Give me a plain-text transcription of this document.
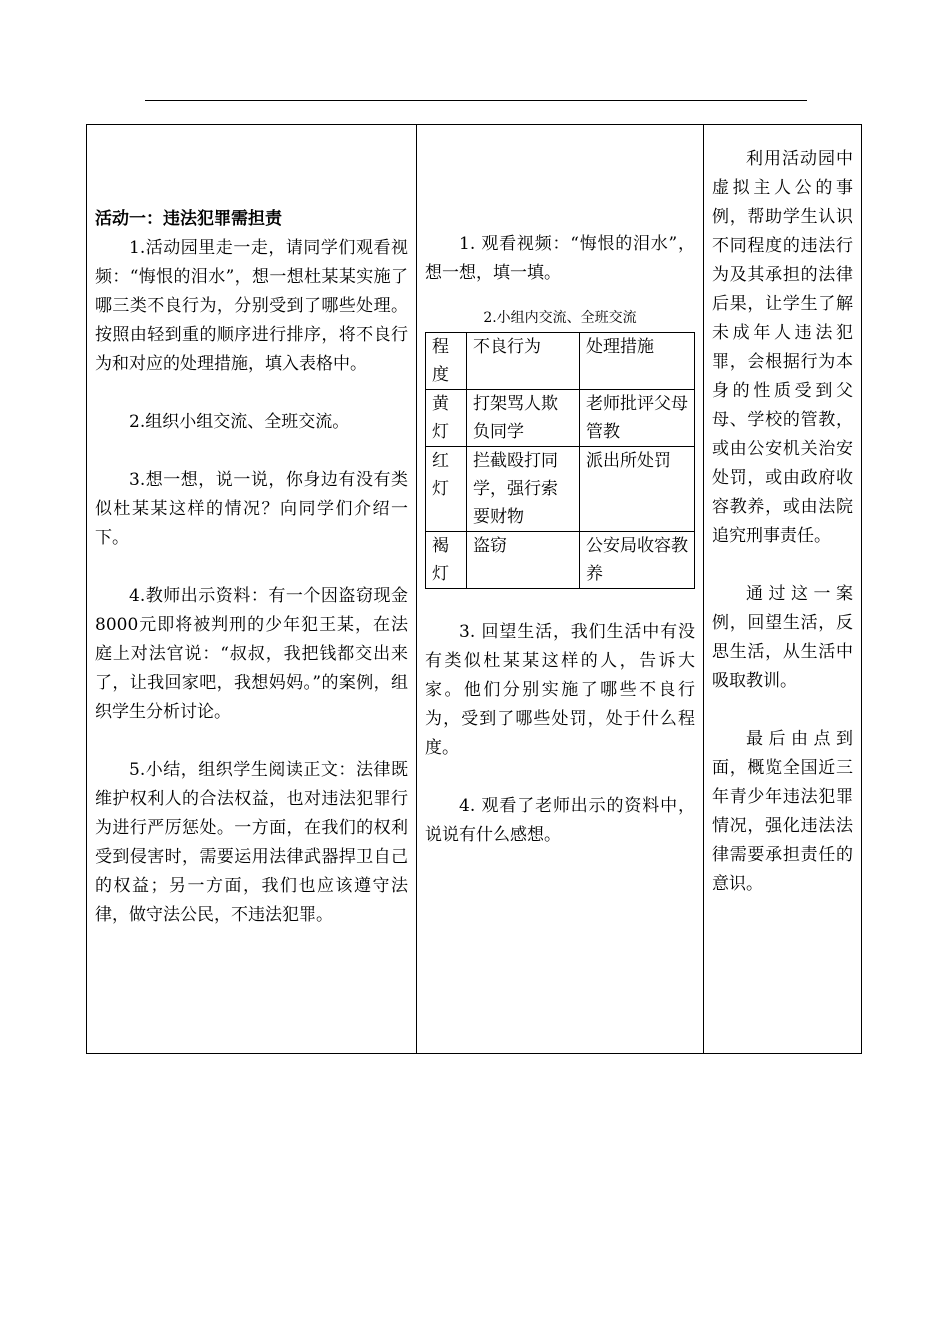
活动一：违法犯罪需担责

1.活动园里走一走，请同学们观看视频：“悔恨的泪水”，想一想杜某某实施了哪三类不良行为，分别受到了哪些处理。按照由轻到重的顺序进行排序，将不良行为和对应的处理措施，填入表格中。

2.组织小组交流、全班交流。

3.想一想，说一说，你身边有没有类似杜某某这样的情况？向同学们介绍一下。

4.教师出示资料：有一个因盗窃现金8000元即将被判刑的少年犯王某，在法庭上对法官说：“叔叔，我把钱都交出来了，让我回家吧，我想妈妈。”的案例，组织学生分析讨论。

5.小结，组织学生阅读正文：法律既维护权利人的合法权益，也对违法犯罪行为进行严厉惩处。一方面，在我们的权利受到侵害时，需要运用法律武器捍卫自己的权益；另一方面，我们也应该遵守法律，做守法公民，不违法犯罪。

1. 观看视频：“悔恨的泪水”，想一想，填一填。

2.小组内交流、全班交流

程度	不良行为	处理措施
黄灯	打架骂人欺负同学	老师批评父母管教
红灯	拦截殴打同学，强行索要财物	派出所处罚
褐灯	盗窃	公安局收容教养

3. 回望生活，我们生活中有没有类似杜某某这样的人，告诉大家。他们分别实施了哪些不良行为，受到了哪些处罚，处于什么程度。

4. 观看了老师出示的资料中，说说有什么感想。

利用活动园中虚拟主人公的事例，帮助学生认识不同程度的违法行为及其承担的法律后果，让学生了解未成年人违法犯罪，会根据行为本身的性质受到父母、学校的管教，或由公安机关治安处罚，或由政府收容教养，或由法院追究刑事责任。

通过这一案例，回望生活，反思生活，从生活中吸取教训。

最后由点到面，概览全国近三年青少年违法犯罪情况，强化违法法律需要承担责任的意识。
